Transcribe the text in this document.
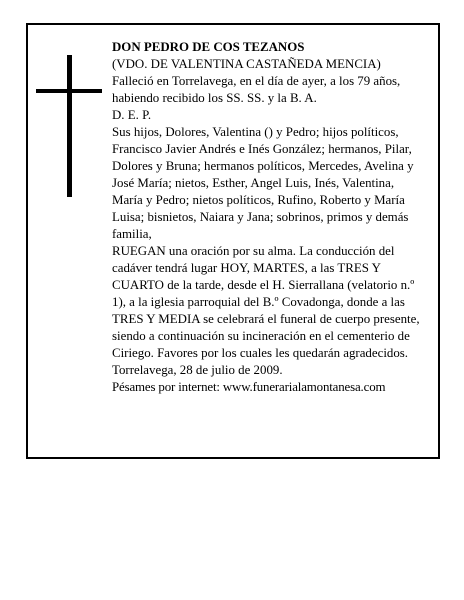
DON PEDRO DE COS TEZANOS

(VDO. DE VALENTINA CASTAÑEDA MENCIA)

Falleció en Torrelavega, en el día de ayer, a los 79 años, habiendo recibido los SS. SS. y la B. A.

D. E. P.

Sus hijos, Dolores, Valentina () y Pedro; hijos políticos, Francisco Javier Andrés e Inés González; hermanos, Pilar, Dolores y Bruna; hermanos políticos, Mercedes, Avelina y José María; nietos, Esther, Angel Luis, Inés, Valentina, María y Pedro; nietos políticos, Rufino, Roberto y María Luisa; bisnietos, Naiara y Jana; sobrinos, primos y demás familia,

RUEGAN una oración por su alma. La conducción del cadáver tendrá lugar HOY, MARTES, a las TRES Y CUARTO de la tarde, desde el H. Sierrallana (velatorio n.º 1), a la iglesia parroquial del B.º Covadonga, donde a las TRES Y MEDIA se celebrará el funeral de cuerpo presente, siendo a continuación su incineración en el cementerio de Ciriego. Favores por los cuales les quedarán agradecidos.

Torrelavega, 28 de julio de 2009.

Pésames por internet: www.funerarialamontanesa.com
